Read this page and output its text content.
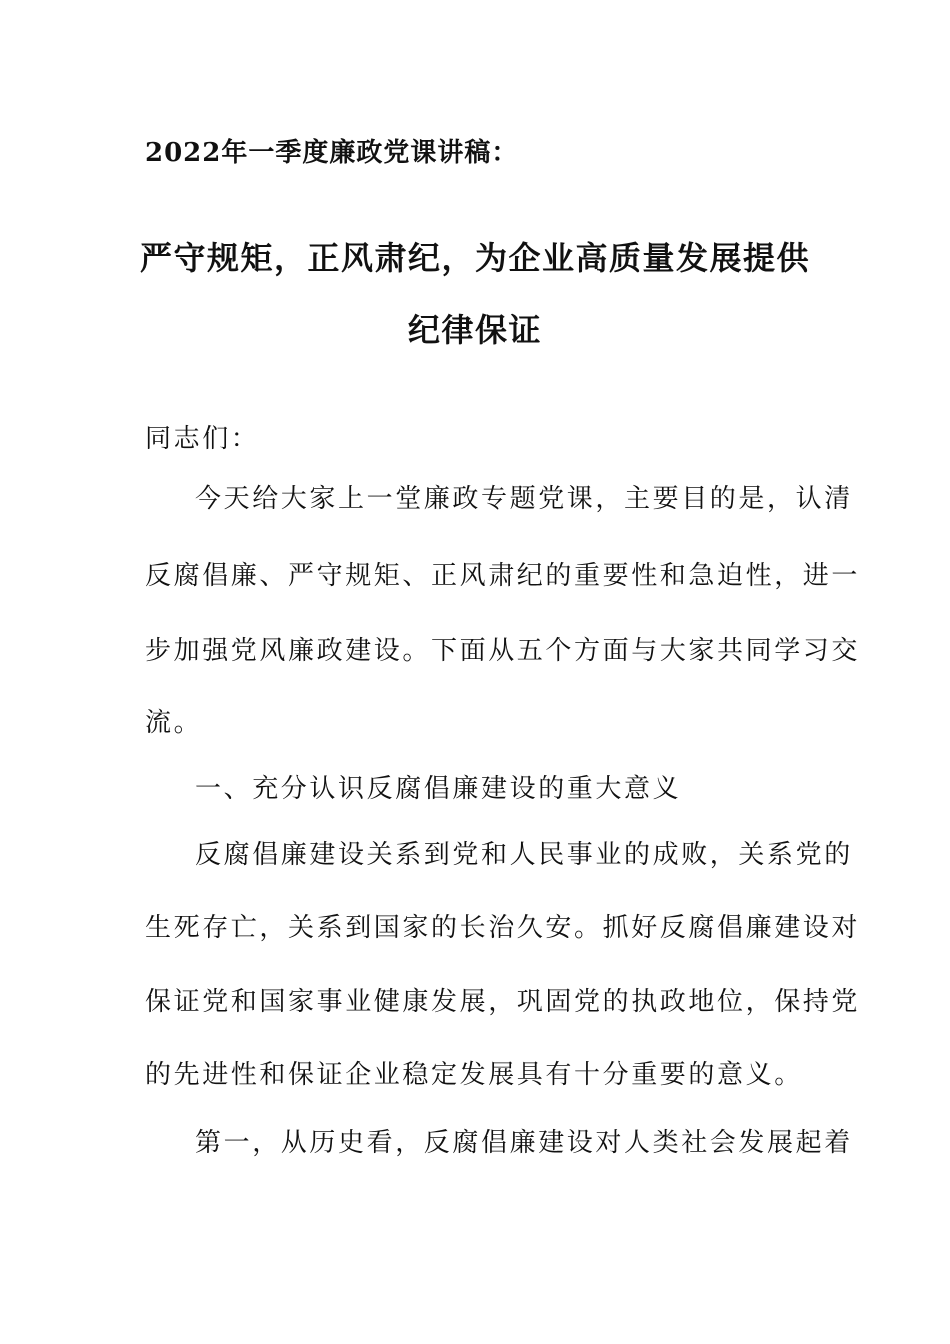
2022年一季度廉政党课讲稿：
严守规矩，正风肃纪，为企业高质量发展提供
纪律保证
同志们：
今天给大家上一堂廉政专题党课，主要目的是，认清
反腐倡廉、严守规矩、正风肃纪的重要性和急迫性，进一
步加强党风廉政建设。下面从五个方面与大家共同学习交
流。
一、充分认识反腐倡廉建设的重大意义
反腐倡廉建设关系到党和人民事业的成败，关系党的
生死存亡，关系到国家的长治久安。抓好反腐倡廉建设对
保证党和国家事业健康发展，巩固党的执政地位，保持党
的先进性和保证企业稳定发展具有十分重要的意义。
第一，从历史看，反腐倡廉建设对人类社会发展起着
